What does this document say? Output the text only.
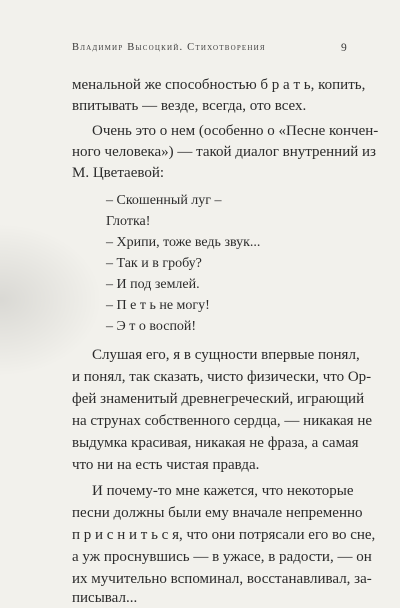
Владимир Высоцкий. Стихотворения	9
менальной же способностью б р а т ь, копить,
впитывать — везде, всегда, ото всех.
Очень это о нем (особенно о «Песне кончен-
ного человека») — такой диалог внутренний из
М. Цветаевой:
– Скошенный луг –
Глотка!
– Хрипи, тоже ведь звук...
– Так и в гробу?
– И под землей.
– П е т ь не могу!
– Э т о воспой!
Слушая его, я в сущности впервые понял,
и понял, так сказать, чисто физически, что Ор-
фей знаменитый древнегреческий, играющий
на струнах собственного сердца, — никакая не
выдумка красивая, никакая не фраза, а самая
что ни на есть чистая правда.
И почему-то мне кажется, что некоторые
песни должны были ему вначале непременно
п р и с н и т ь с я, что они потрясали его во сне,
а уж проснувшись — в ужасе, в радости, — он
их мучительно вспоминал, восстанавливал, за-
писывал...
